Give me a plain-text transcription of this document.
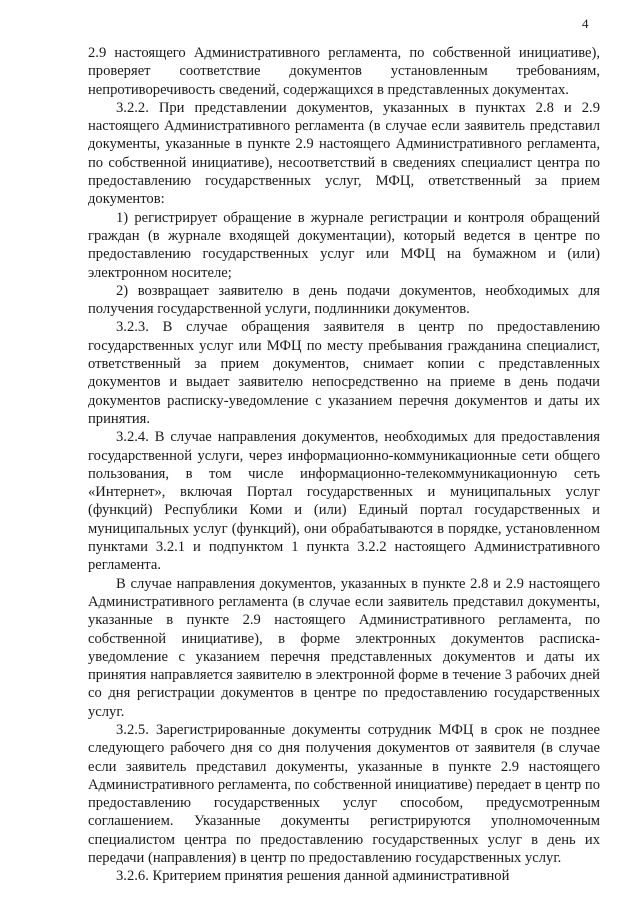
4

2.9 настоящего Административного регламента, по собственной инициативе), проверяет соответствие документов установленным требованиям, непротиворечивость сведений, содержащихся в представленных документах.

3.2.2. При представлении документов, указанных в пунктах 2.8 и 2.9 настоящего Административного регламента (в случае если заявитель представил документы, указанные в пункте 2.9 настоящего Административного регламента, по собственной инициативе), несоответствий в сведениях специалист центра по предоставлению государственных услуг, МФЦ, ответственный за прием документов:

1) регистрирует обращение в журнале регистрации и контроля обращений граждан (в журнале входящей документации), который ведется в центре по предоставлению государственных услуг или МФЦ на бумажном и (или) электронном носителе;

2) возвращает заявителю в день подачи документов, необходимых для получения государственной услуги, подлинники документов.

3.2.3. В случае обращения заявителя в центр по предоставлению государственных услуг или МФЦ по месту пребывания гражданина специалист, ответственный за прием документов, снимает копии с представленных документов и выдает заявителю непосредственно на приеме в день подачи документов расписку-уведомление с указанием перечня документов и даты их принятия.

3.2.4. В случае направления документов, необходимых для предоставления государственной услуги, через информационно-коммуникационные сети общего пользования, в том числе информационно-телекоммуникационную сеть «Интернет», включая Портал государственных и муниципальных услуг (функций) Республики Коми и (или) Единый портал государственных и муниципальных услуг (функций), они обрабатываются в порядке, установленном пунктами 3.2.1 и подпунктом 1 пункта 3.2.2 настоящего Административного регламента.

В случае направления документов, указанных в пункте 2.8 и 2.9 настоящего Административного регламента (в случае если заявитель представил документы, указанные в пункте 2.9 настоящего Административного регламента, по собственной инициативе), в форме электронных документов расписка-уведомление с указанием перечня представленных документов и даты их принятия направляется заявителю в электронной форме в течение 3 рабочих дней со дня регистрации документов в центре по предоставлению государственных услуг.

3.2.5. Зарегистрированные документы сотрудник МФЦ в срок не позднее следующего рабочего дня со дня получения документов от заявителя (в случае если заявитель представил документы, указанные в пункте 2.9 настоящего Административного регламента, по собственной инициативе) передает в центр по предоставлению государственных услуг способом, предусмотренным соглашением. Указанные документы регистрируются уполномоченным специалистом центра по предоставлению государственных услуг в день их передачи (направления) в центр по предоставлению государственных услуг.

3.2.6. Критерием принятия решения данной административной
